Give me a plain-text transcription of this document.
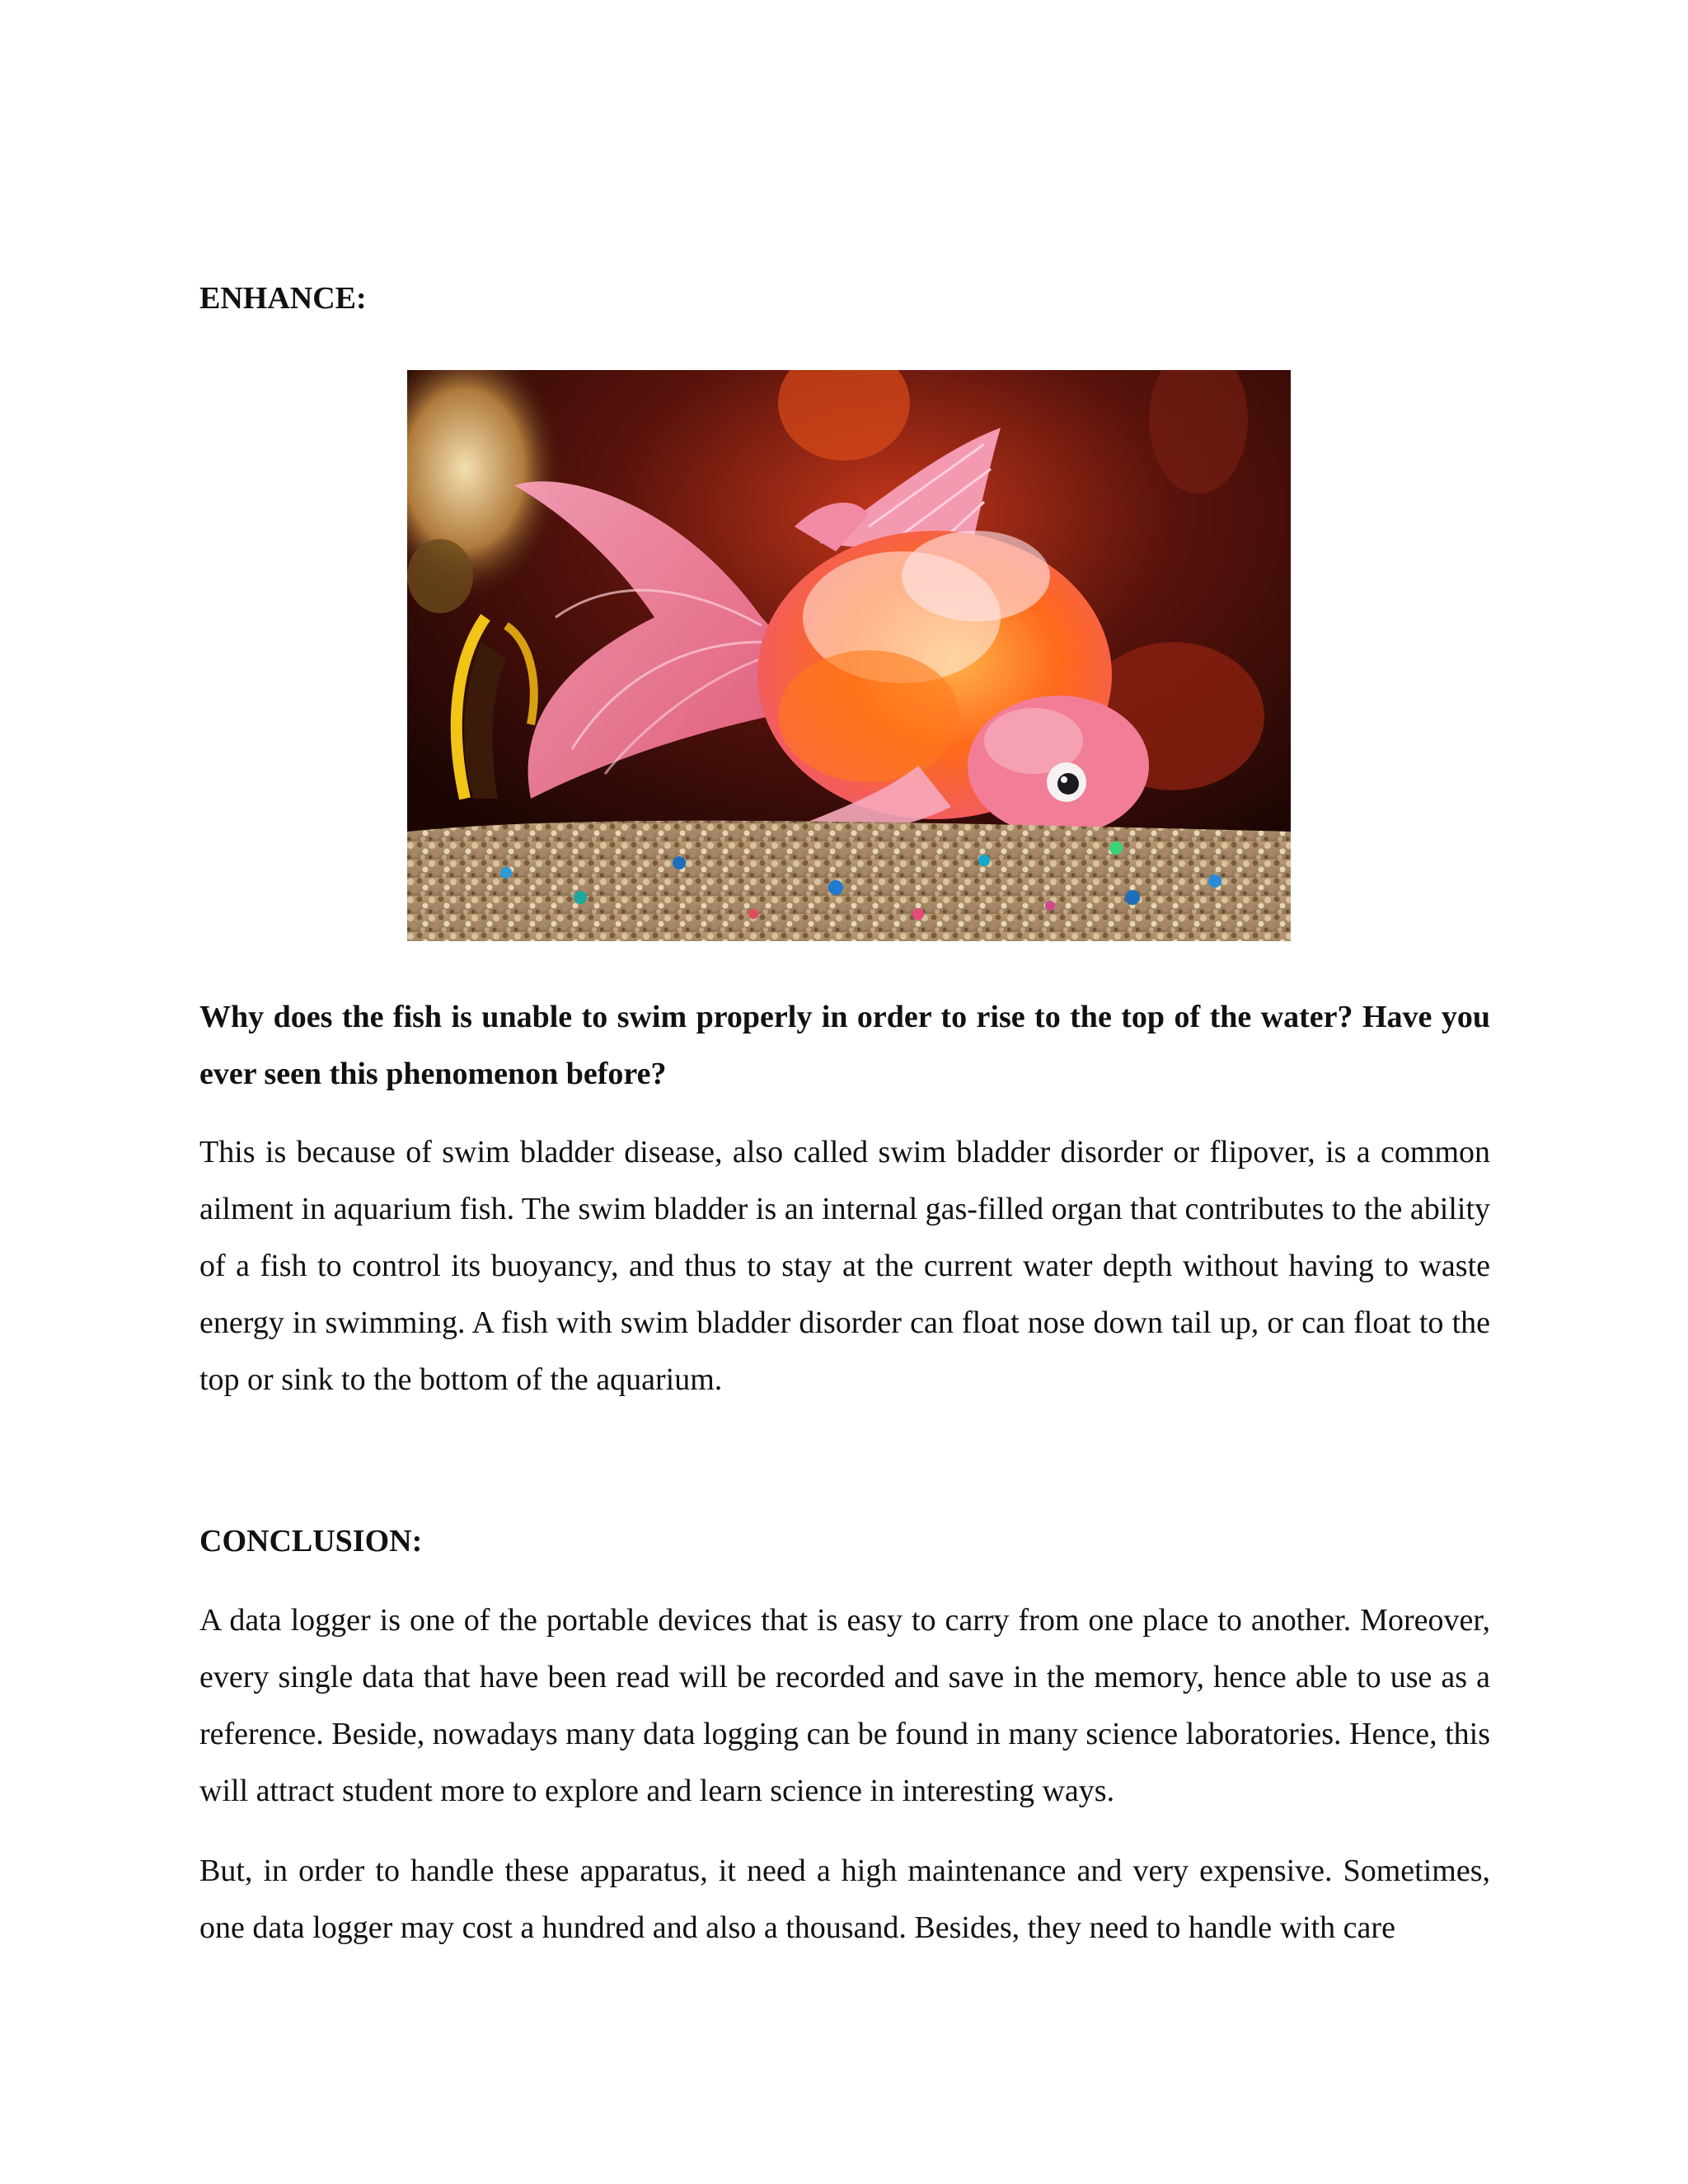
ENHANCE:

Why does the fish is unable to swim properly in order to rise to the top of the water? Have you ever seen this phenomenon before?

This is because of swim bladder disease, also called swim bladder disorder or flipover, is a common ailment in aquarium fish. The swim bladder is an internal gas-filled organ that contributes to the ability of a fish to control its buoyancy, and thus to stay at the current water depth without having to waste energy in swimming. A fish with swim bladder disorder can float nose down tail up, or can float to the top or sink to the bottom of the aquarium.

CONCLUSION:

A data logger is one of the portable devices that is easy to carry from one place to another. Moreover, every single data that have been read will be recorded and save in the memory, hence able to use as a reference. Beside, nowadays many data logging can be found in many science laboratories. Hence, this will attract student more to explore and learn science in interesting ways.

But, in order to handle these apparatus, it need a high maintenance and very expensive. Sometimes, one data logger may cost a hundred and also a thousand. Besides, they need to handle with care
